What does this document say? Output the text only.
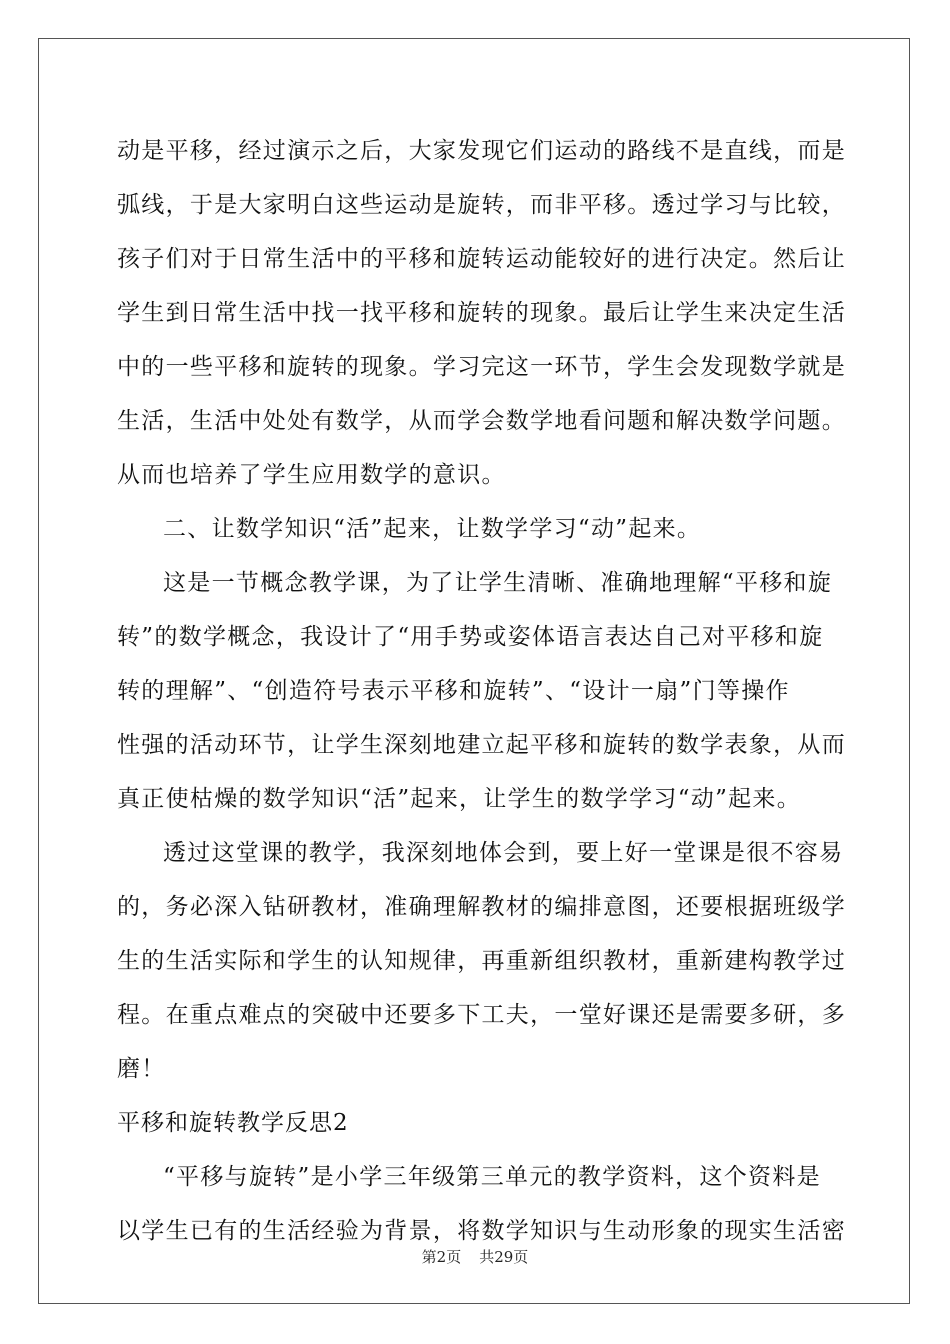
动是平移，经过演示之后，大家发现它们运动的路线不是直线，而是
弧线，于是大家明白这些运动是旋转，而非平移。透过学习与比较，
孩子们对于日常生活中的平移和旋转运动能较好的进行决定。然后让
学生到日常生活中找一找平移和旋转的现象。最后让学生来决定生活
中的一些平移和旋转的现象。学习完这一环节，学生会发现数学就是
生活，生活中处处有数学，从而学会数学地看问题和解决数学问题。
从而也培养了学生应用数学的意识。
二、让数学知识“活”起来，让数学学习“动”起来。
这是一节概念教学课，为了让学生清晰、准确地理解“平移和旋
转”的数学概念，我设计了“用手势或姿体语言表达自己对平移和旋
转的理解”、“创造符号表示平移和旋转”、“设计一扇”门等操作
性强的活动环节，让学生深刻地建立起平移和旋转的数学表象，从而
真正使枯燥的数学知识“活”起来，让学生的数学学习“动”起来。
透过这堂课的教学，我深刻地体会到，要上好一堂课是很不容易
的，务必深入钻研教材，准确理解教材的编排意图，还要根据班级学
生的生活实际和学生的认知规律，再重新组织教材，重新建构教学过
程。在重点难点的突破中还要多下工夫，一堂好课还是需要多研，多
磨！
平移和旋转教学反思2
“平移与旋转”是小学三年级第三单元的教学资料，这个资料是
以学生已有的生活经验为背景，将数学知识与生动形象的现实生活密
第2页 共29页
